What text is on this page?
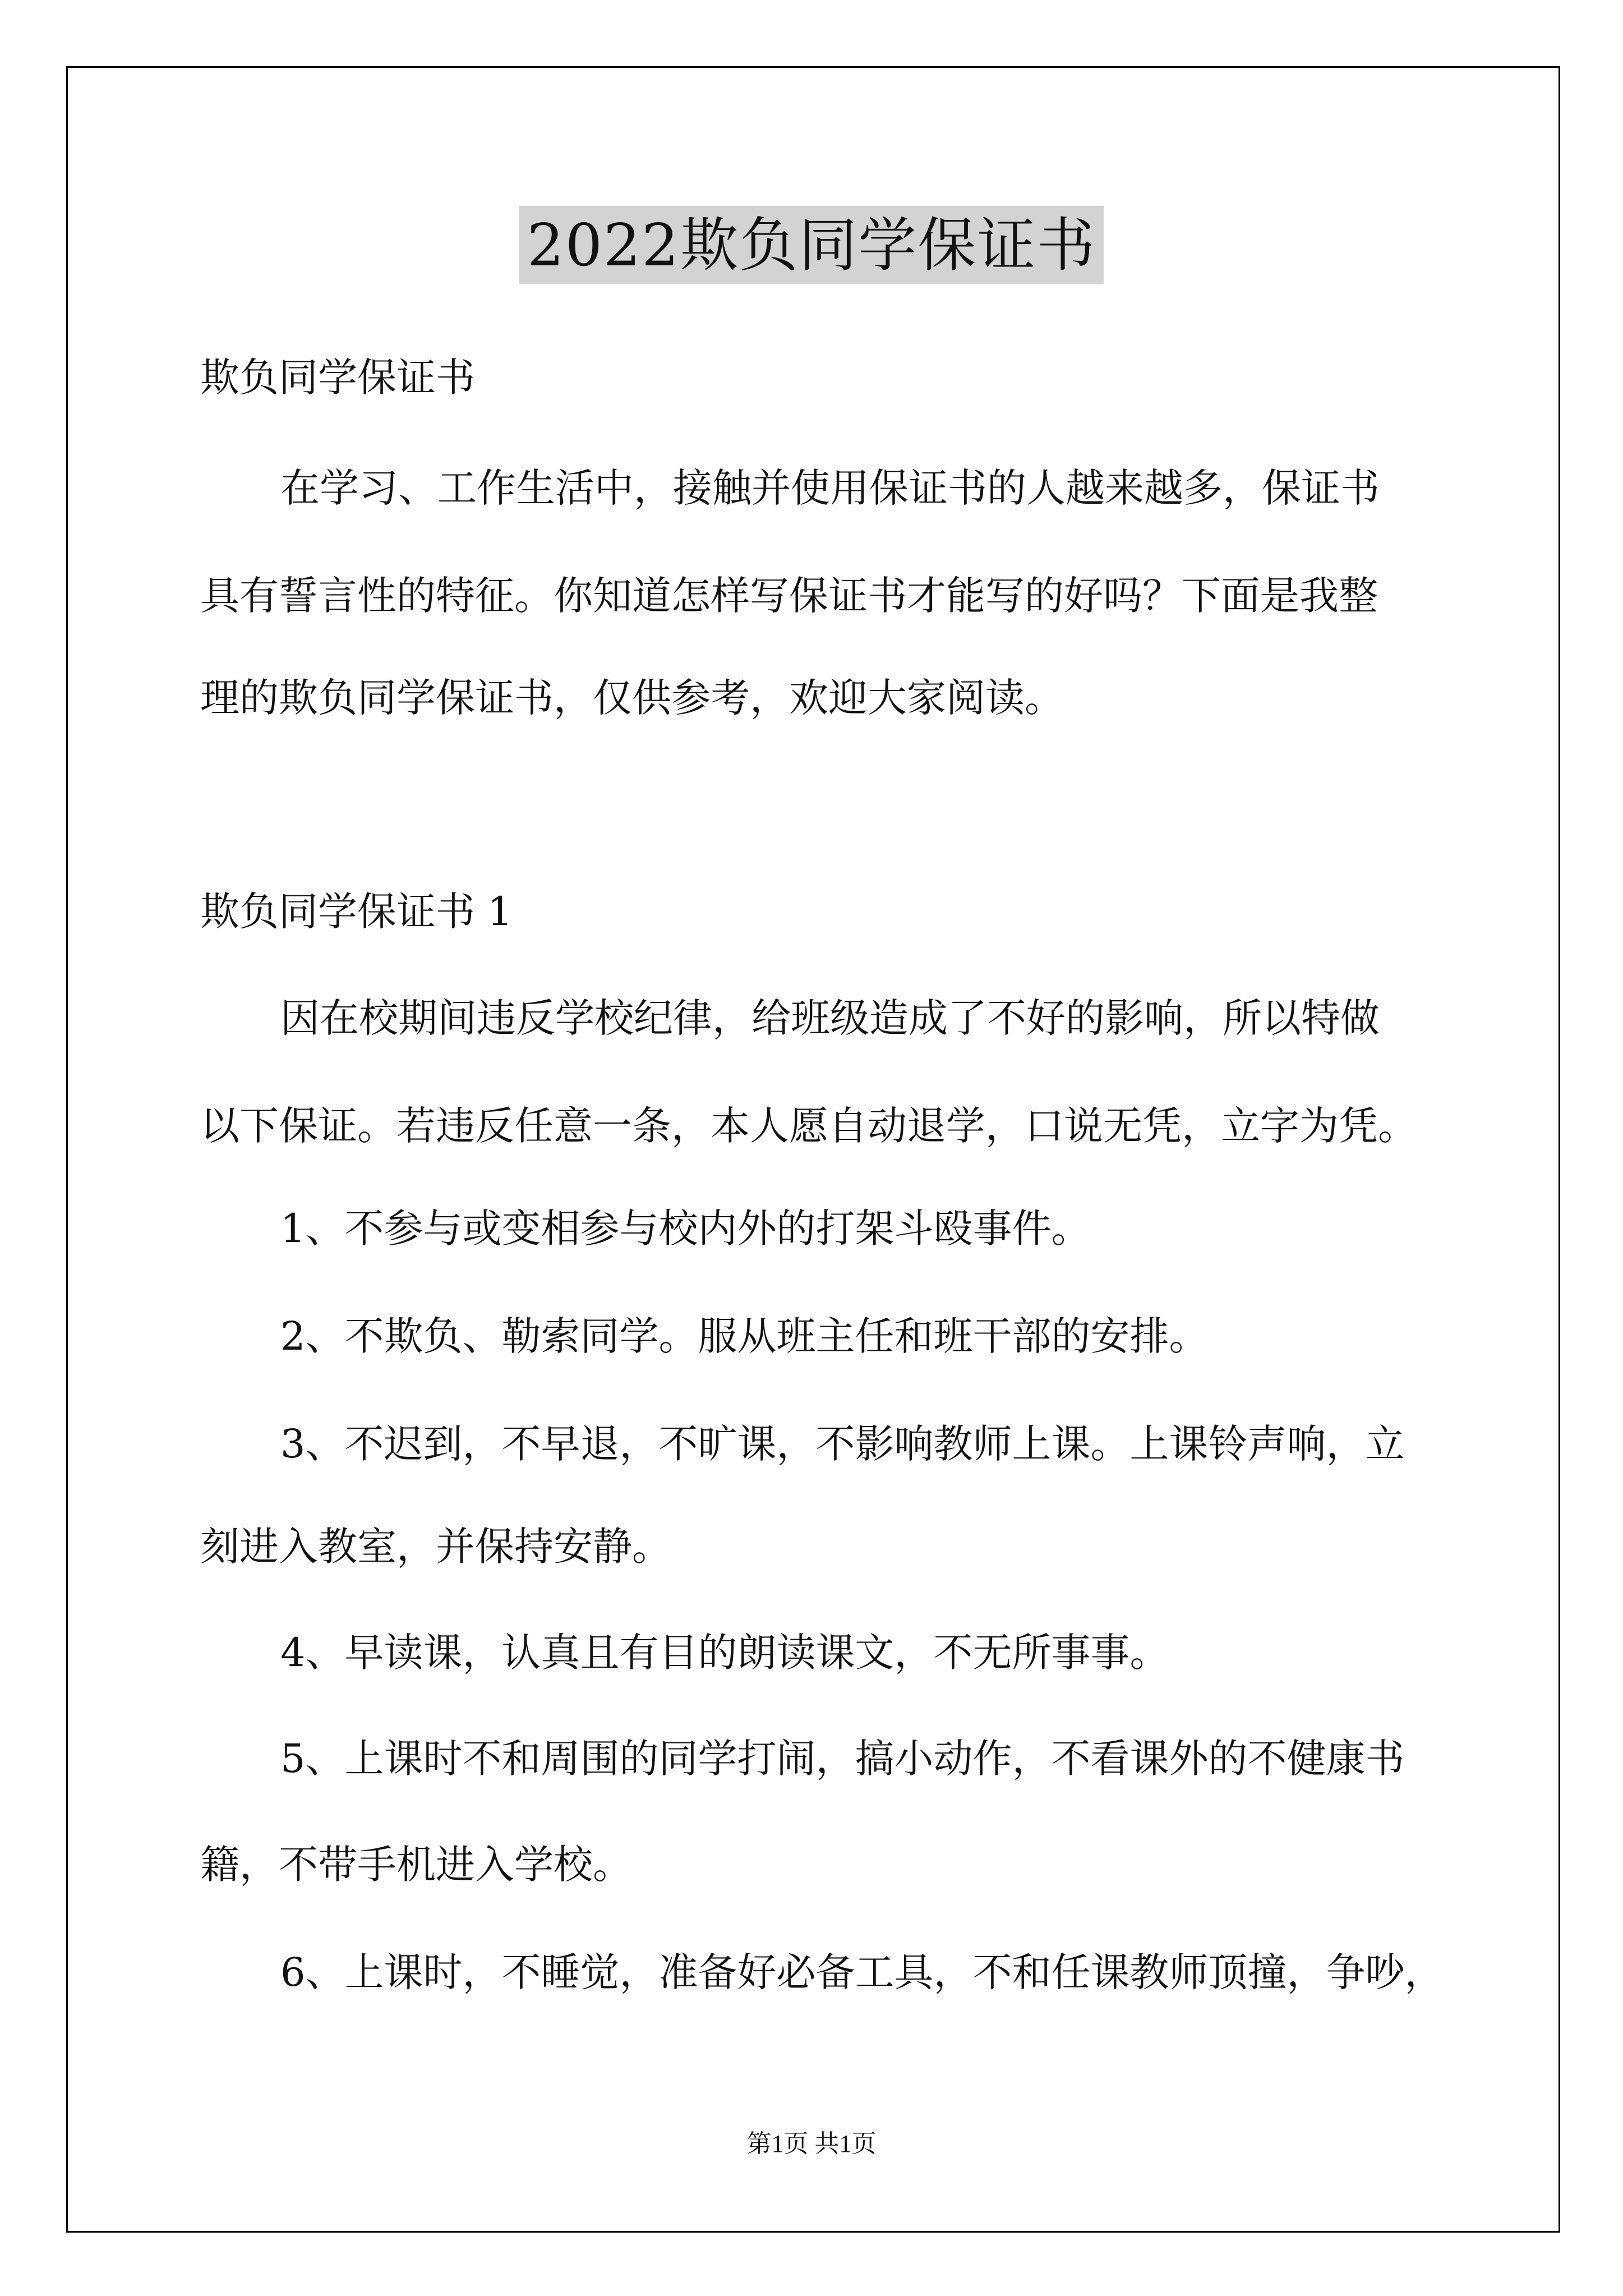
2022欺负同学保证书
欺负同学保证书
在学习、工作生活中，接触并使用保证书的人越来越多，保证书
具有誓言性的特征。你知道怎样写保证书才能写的好吗？下面是我整
理的欺负同学保证书，仅供参考，欢迎大家阅读。
欺负同学保证书 1
因在校期间违反学校纪律，给班级造成了不好的影响，所以特做
以下保证。若违反任意一条，本人愿自动退学，口说无凭，立字为凭。
1、不参与或变相参与校内外的打架斗殴事件。
2、不欺负、勒索同学。服从班主任和班干部的安排。
3、不迟到，不早退，不旷课，不影响教师上课。上课铃声响，立
刻进入教室，并保持安静。
4、早读课，认真且有目的朗读课文，不无所事事。
5、上课时不和周围的同学打闹，搞小动作，不看课外的不健康书
籍，不带手机进入学校。
6、上课时，不睡觉，准备好必备工具，不和任课教师顶撞，争吵，
第1页 共1页
